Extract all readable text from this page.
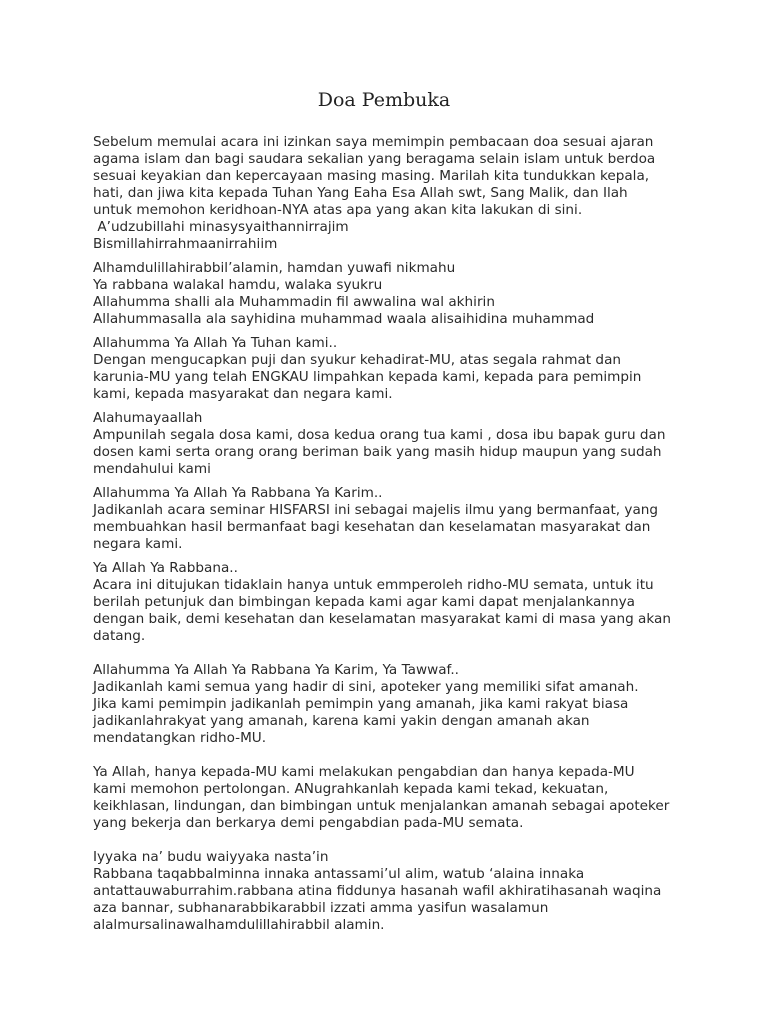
Doa Pembuka
Sebelum memulai acara ini izinkan saya memimpin pembacaan doa sesuai ajaran
agama islam dan bagi saudara sekalian yang beragama selain islam untuk berdoa
sesuai keyakian dan kepercayaan masing masing. Marilah kita tundukkan kepala,
hati, dan jiwa kita kepada Tuhan Yang Eaha Esa Allah swt, Sang Malik, dan Ilah
untuk memohon keridhoan-NYA atas apa yang akan kita lakukan di sini.
A’udzubillahi minasysyaithannirrajim
Bismillahirrahmaanirrahiim
Alhamdulillahirabbil’alamin, hamdan yuwafi nikmahu
Ya rabbana walakal hamdu, walaka syukru
Allahumma shalli ala Muhammadin fil awwalina wal akhirin
Allahummasalla ala sayhidina muhammad waala alisaihidina muhammad
Allahumma Ya Allah Ya Tuhan kami..
Dengan mengucapkan puji dan syukur kehadirat-MU, atas segala rahmat dan
karunia-MU yang telah ENGKAU limpahkan kepada kami, kepada para pemimpin
kami, kepada masyarakat dan negara kami.
Alahumayaallah
Ampunilah segala dosa kami, dosa kedua orang tua kami , dosa ibu bapak guru dan
dosen kami serta orang orang beriman baik yang masih hidup maupun yang sudah
mendahului kami
Allahumma Ya Allah Ya Rabbana Ya Karim..
Jadikanlah acara seminar HISFARSI ini sebagai majelis ilmu yang bermanfaat, yang
membuahkan hasil bermanfaat bagi kesehatan dan keselamatan masyarakat dan
negara kami.
Ya Allah Ya Rabbana..
Acara ini ditujukan tidaklain hanya untuk emmperoleh ridho-MU semata, untuk itu
berilah petunjuk dan bimbingan kepada kami agar kami dapat menjalankannya
dengan baik, demi kesehatan dan keselamatan masyarakat kami di masa yang akan
datang.
Allahumma Ya Allah Ya Rabbana Ya Karim, Ya Tawwaf..
Jadikanlah kami semua yang hadir di sini, apoteker yang memiliki sifat amanah.
Jika kami pemimpin jadikanlah pemimpin yang amanah, jika kami rakyat biasa
jadikanlahrakyat yang amanah, karena kami yakin dengan amanah akan
mendatangkan ridho-MU.
Ya Allah, hanya kepada-MU kami melakukan pengabdian dan hanya kepada-MU
kami memohon pertolongan. ANugrahkanlah kepada kami tekad, kekuatan,
keikhlasan, lindungan, dan bimbingan untuk menjalankan amanah sebagai apoteker
yang bekerja dan berkarya demi pengabdian pada-MU semata.
Iyyaka na’ budu waiyyaka nasta’in
Rabbana taqabbalminna innaka antassami’ul alim, watub ‘alaina innaka
antattauwaburrahim.rabbana atina fiddunya hasanah wafil akhiratihasanah waqina
aza bannar, subhanarabbikarabbil izzati amma yasifun wasalamun
alalmursalinawalhamdulillahirabbil alamin.
